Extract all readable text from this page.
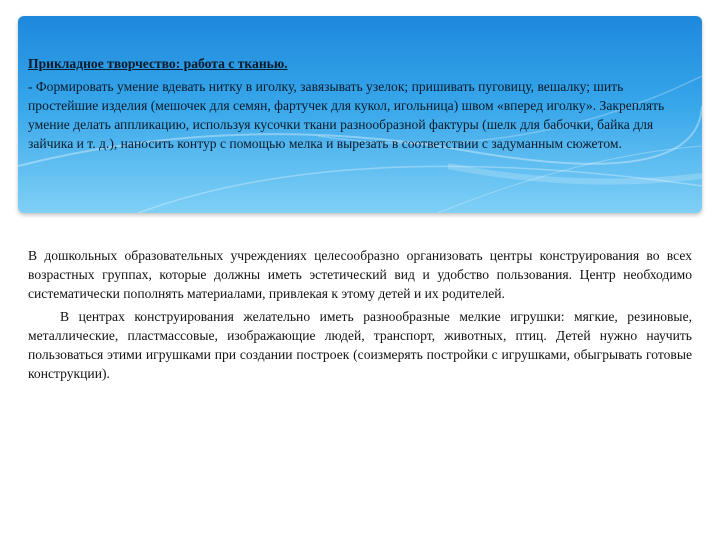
Прикладное творчество: работа с тканью.

- Формировать умение вдевать нитку в иголку, завязывать узелок; пришивать пуговицу, вешалку; шить простейшие изделия (мешочек для семян, фартучек для кукол, игольница) швом «вперед иголку». Закреплять умение делать аппликацию, используя кусочки ткани разнообразной фактуры (шелк для бабочки, байка для зайчика и т. д.), наносить контур с помощью мелка и вырезать в соответствии с задуманным сюжетом.

В дошкольных образовательных учреждениях целесообразно организовать центры конструирования во всех возрастных группах, которые должны иметь эстетический вид и удобство пользования. Центр необходимо систематически пополнять материалами, привлекая к этому детей и их родителей.

В центрах конструирования желательно иметь разнообразные мелкие игрушки: мягкие, резиновые, металлические, пластмассовые, изображающие людей, транспорт, животных, птиц. Детей нужно научить пользоваться этими игрушками при создании построек (соизмерять постройки с игрушками, обыгрывать готовые конструкции).
